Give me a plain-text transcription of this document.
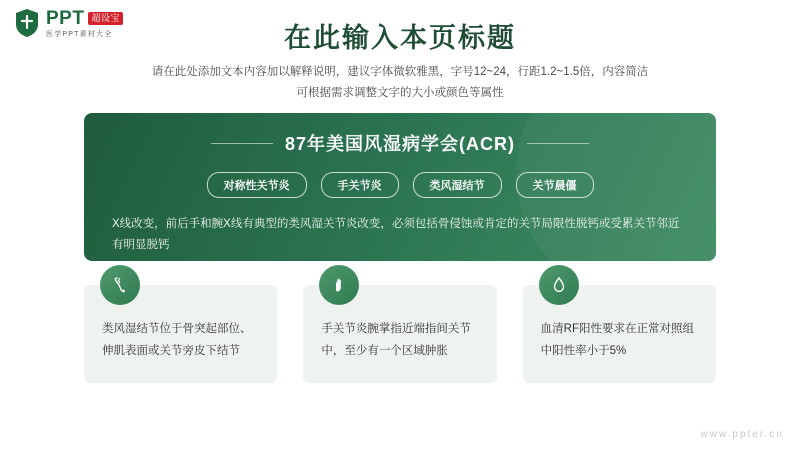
PPT 超设宝
医学PPT素材大全	在此输入本页标题
请在此处添加文本内容加以解释说明，建议字体微软雅黑，字号12~24，行距1.2~1.5倍，内容简洁
可根据需求调整文字的大小或颜色等属性
87年美国风湿病学会(ACR)
对称性关节炎	手关节炎	类风湿结节	关节晨僵
X线改变，前后手和腕X线有典型的类风湿关节炎改变，必须包括骨侵蚀或肯定的关节局限性脱钙或受累关节邻近有明显脱钙
类风湿结节位于骨突起部位、伸肌表面或关节旁皮下结节
手关节炎腕掌指近端指间关节中，至少有一个区域肿胀
血清RF阳性要求在正常对照组中阳性率小于5%
www.ppter.cn
